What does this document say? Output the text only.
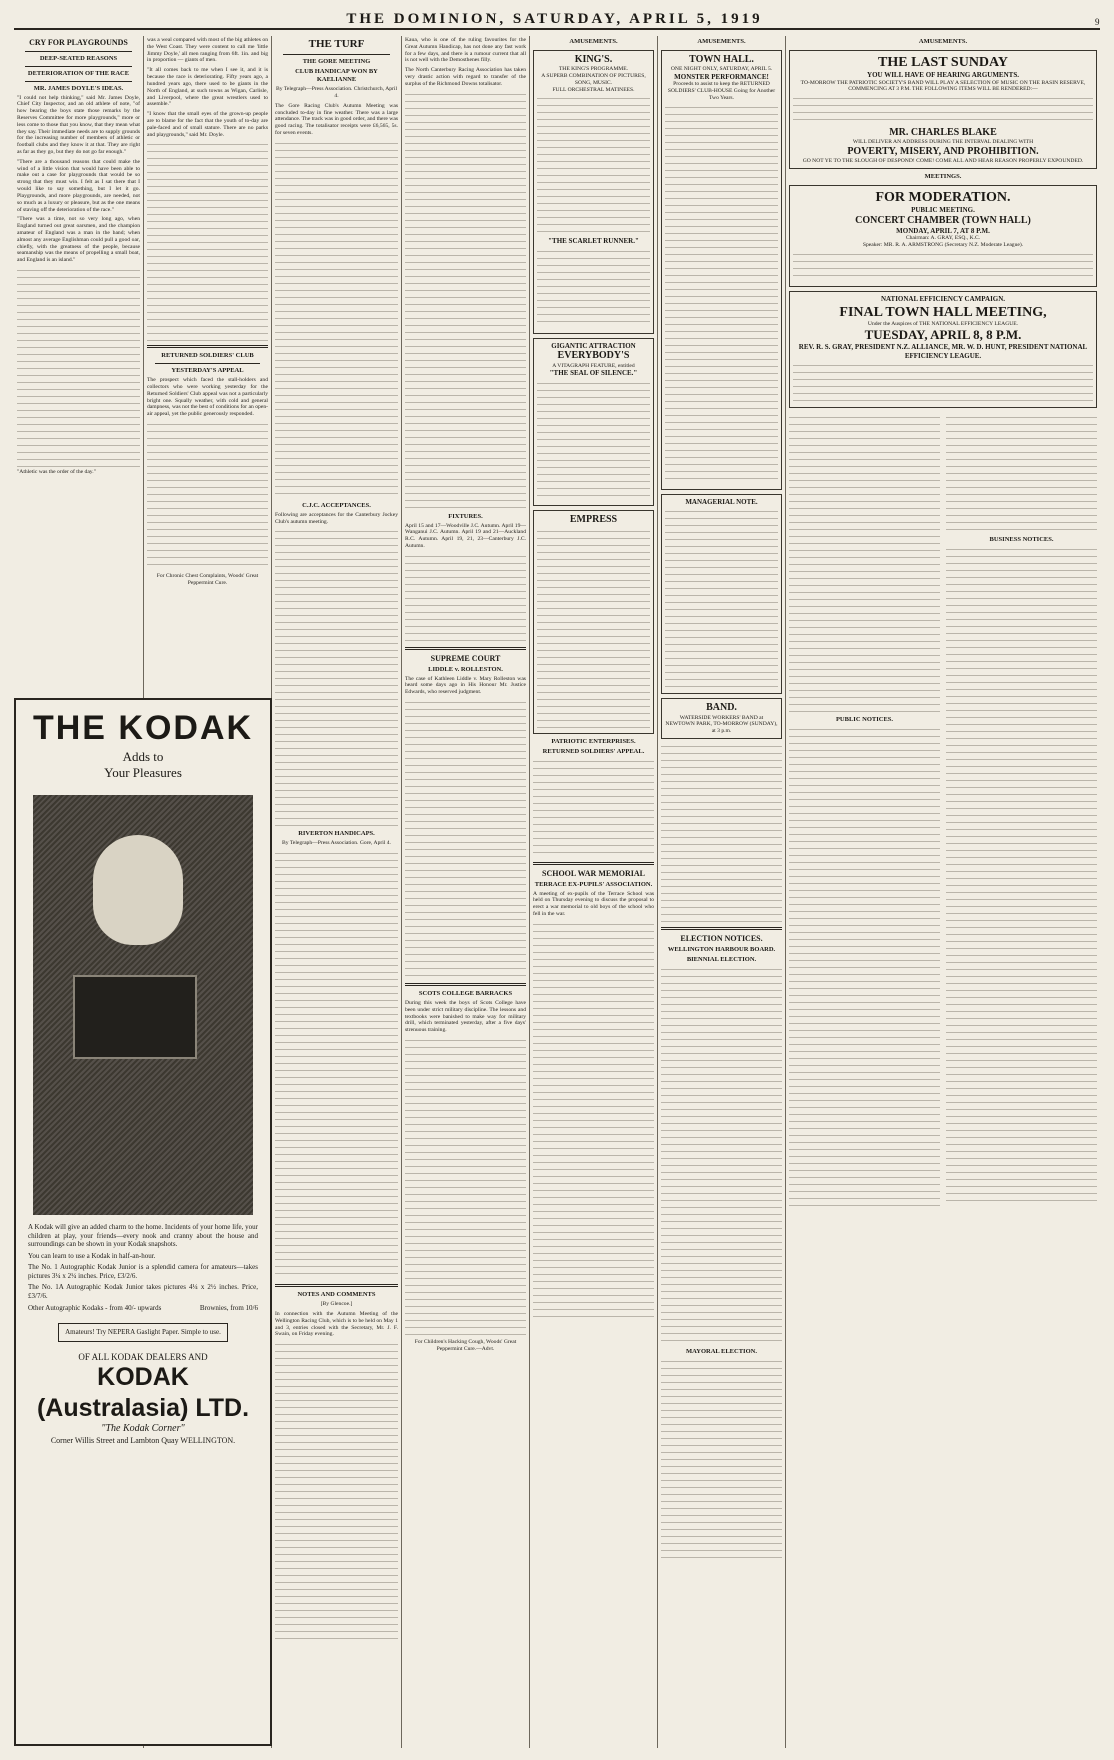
THE DOMINION, SATURDAY, APRIL 5, 1919	9
CRY FOR PLAYGROUNDS
DEEP-SEATED REASONS
DETERIORATION OF THE RACE
MR. JAMES DOYLE'S IDEAS.
"I could not help thinking," said Mr. James Doyle, Chief City Inspector, and an old athlete of note, "of how bearing the boys state those remarks by the Reserves Committee for more playgrounds," more or less come to those that you know, that they mean what they say. Their immediate needs are to supply grounds for the increasing number of members of athletic or football clubs and they know it at that. They are right as far as they go, but they do not go far enough."
"There are a thousand reasons that could make the wind of a little vision that would have been able to make out a case for playgrounds that would be so strong that they must win. I felt as I sat there that I would like to say something, but I let it go. Playgrounds, and more playgrounds, are needed, not so much as a luxury or pleasure, but as the one means of staving off the deterioration of the race."
"There was a time, not so very long ago, when England turned out great oarsmen, and the champion amateur of England was a man in the band; when almost any average Englishman could pull a good oar, chiefly, with the greatness of the people, because seamanship was the means of propelling a small boat, and England is an island."
"Athletic was the order of the day."
was a weal compared with most of the big athletes on the West Coast. They were content to call me 'little Jimmy Doyle,' all men ranging from 6ft. 1in. and big in proportion — giants of men.
"It all comes back to me when I see it, and it is because the race is deteriorating. Fifty years ago, a hundred years ago, there used to be giants in the North of England, at such towns as Wigan, Carlisle, and Liverpool, where the great wrestlers used to assemble."
"I know that the small eyes of the grown-up people are to blame for the fact that the youth of to-day are pale-faced and of small stature. There are no parks and playgrounds," said Mr. Doyle.
RETURNED SOLDIERS' CLUB
YESTERDAY'S APPEAL
The prospect which faced the stall-holders and collectors who were working yesterday for the Returned Soldiers' Club appeal was not a particularly bright one. Squally weather, with cold and general dampness, was not the best of conditions for an open-air appeal, yet the public generously responded.
For Chronic Chest Complaints, Woods' Great Peppermint Cure.
THE KODAK
Adds to
Your Pleasures
A Kodak will give an added charm to the home. Incidents of your home life, your children at play, your friends—every nook and cranny about the house and surroundings can be shown in your Kodak snapshots.
You can learn to use a Kodak in half-an-hour.
The No. 1 Autographic Kodak Junior is a splendid camera for amateurs—takes pictures 3¼ x 2¼ inches. Price, £3/2/6.
The No. 1A Autographic Kodak Junior takes pictures 4¼ x 2½ inches. Price, £3/7/6.
Other Autographic Kodaks - from 40/- upwards	Brownies, from 10/6
Amateurs! Try NEPERA Gaslight Paper. Simple to use.
OF ALL KODAK DEALERS AND
KODAK (Australasia) LTD.
"The Kodak Corner"
Corner Willis Street and Lambton Quay WELLINGTON.
THE TURF
THE GORE MEETING
CLUB HANDICAP WON BY KAELIANNE
By Telegraph—Press Association. Christchurch, April 4.
The Gore Racing Club's Autumn Meeting was concluded to-day in fine weather. There was a large attendance. The track was in good order, and there was good racing. The totalisator receipts were £6,565, 5s. for seven events.
C.J.C. ACCEPTANCES.
Following are acceptances for the Canterbury Jockey Club's autumn meeting.
RIVERTON HANDICAPS.
By Telegraph—Press Association. Gore, April 4.
NOTES AND COMMENTS
[By Glencoe.]
In connection with the Autumn Meeting of the Wellington Racing Club, which is to be held on May 1 and 3, entries closed with the Secretary, Mr. J. F. Swain, on Friday evening.
Kaua, who is one of the ruling favourites for the Great Autumn Handicap, has not done any fast work for a few days, and there is a rumour current that all is not well with the Demosthenes filly.
The North Canterbury Racing Association has taken very drastic action with regard to transfer of the surplus of the Richmond Downs totalisator.
FIXTURES.
April 15 and 17—Woodville J.C. Autumn. April 19—Wanganui J.C. Autumn. April 19 and 21—Auckland R.C. Autumn. April 19, 21, 23—Canterbury J.C. Autumn.
SUPREME COURT
LIDDLE v. ROLLESTON.
The case of Kathleen Liddle v. Mary Rolleston was heard some days ago in His Honour Mr. Justice Edwards, who reserved judgment.
SCOTS COLLEGE BARRACKS
During this week the boys of Scots College have been under strict military discipline. The lessons and textbooks were banished to make way for military drill, which terminated yesterday, after a five days' strenuous training.
For Children's Hacking Cough, Woods' Great Peppermint Cure.—Advt.
AMUSEMENTS.
KING'S.
THE KING'S PROGRAMME.
A SUPERB COMBINATION OF PICTURES, SONG, MUSIC.
FULL ORCHESTRAL MATINEES.
"THE SCARLET RUNNER."
GIGANTIC ATTRACTION
EVERYBODY'S
A VITAGRAPH FEATURE, entitled
"THE SEAL OF SILENCE."
EMPRESS
PATRIOTIC ENTERPRISES.
RETURNED SOLDIERS' APPEAL.
SCHOOL WAR MEMORIAL
TERRACE EX-PUPILS' ASSOCIATION.
A meeting of ex-pupils of the Terrace School was held on Thursday evening to discuss the proposal to erect a war memorial to old boys of the school who fell in the war.
AMUSEMENTS.
TOWN HALL.
ONE NIGHT ONLY, SATURDAY, APRIL 5.
MONSTER PERFORMANCE!
Proceeds to assist to keep the RETURNED SOLDIERS' CLUB-HOUSE Going for Another Two Years.
MANAGERIAL NOTE.
BAND.
WATERSIDE WORKERS' BAND at NEWTOWN PARK, TO-MORROW (SUNDAY), at 3 p.m.
ELECTION NOTICES.
WELLINGTON HARBOUR BOARD.
BIENNIAL ELECTION.
MAYORAL ELECTION.
AMUSEMENTS.
THE LAST SUNDAY
YOU WILL HAVE OF HEARING ARGUMENTS.
TO-MORROW THE PATRIOTIC SOCIETY'S BAND WILL PLAY A SELECTION OF MUSIC ON THE BASIN RESERVE, COMMENCING AT 3 P.M. THE FOLLOWING ITEMS WILL BE RENDERED:—
MR. CHARLES BLAKE
WILL DELIVER AN ADDRESS DURING THE INTERVAL DEALING WITH
POVERTY, MISERY, AND PROHIBITION.
GO NOT YE TO THE SLOUGH OF DESPOND! COME! COME ALL AND HEAR REASON PROPERLY EXPOUNDED.
MEETINGS.
FOR MODERATION.
PUBLIC MEETING.
CONCERT CHAMBER (TOWN HALL)
MONDAY, APRIL 7, AT 8 P.M.
Chairman: A. GRAY, ESQ., K.C.
Speaker: MR. R. A. ARMSTRONG (Secretary N.Z. Moderate League).
NATIONAL EFFICIENCY CAMPAIGN.
FINAL TOWN HALL MEETING,
Under the Auspices of THE NATIONAL EFFICIENCY LEAGUE.
TUESDAY, APRIL 8, 8 P.M.
REV. R. S. GRAY, PRESIDENT N.Z. ALLIANCE, MR. W. D. HUNT, PRESIDENT NATIONAL EFFICIENCY LEAGUE.
PUBLIC NOTICES.
BUSINESS NOTICES.
